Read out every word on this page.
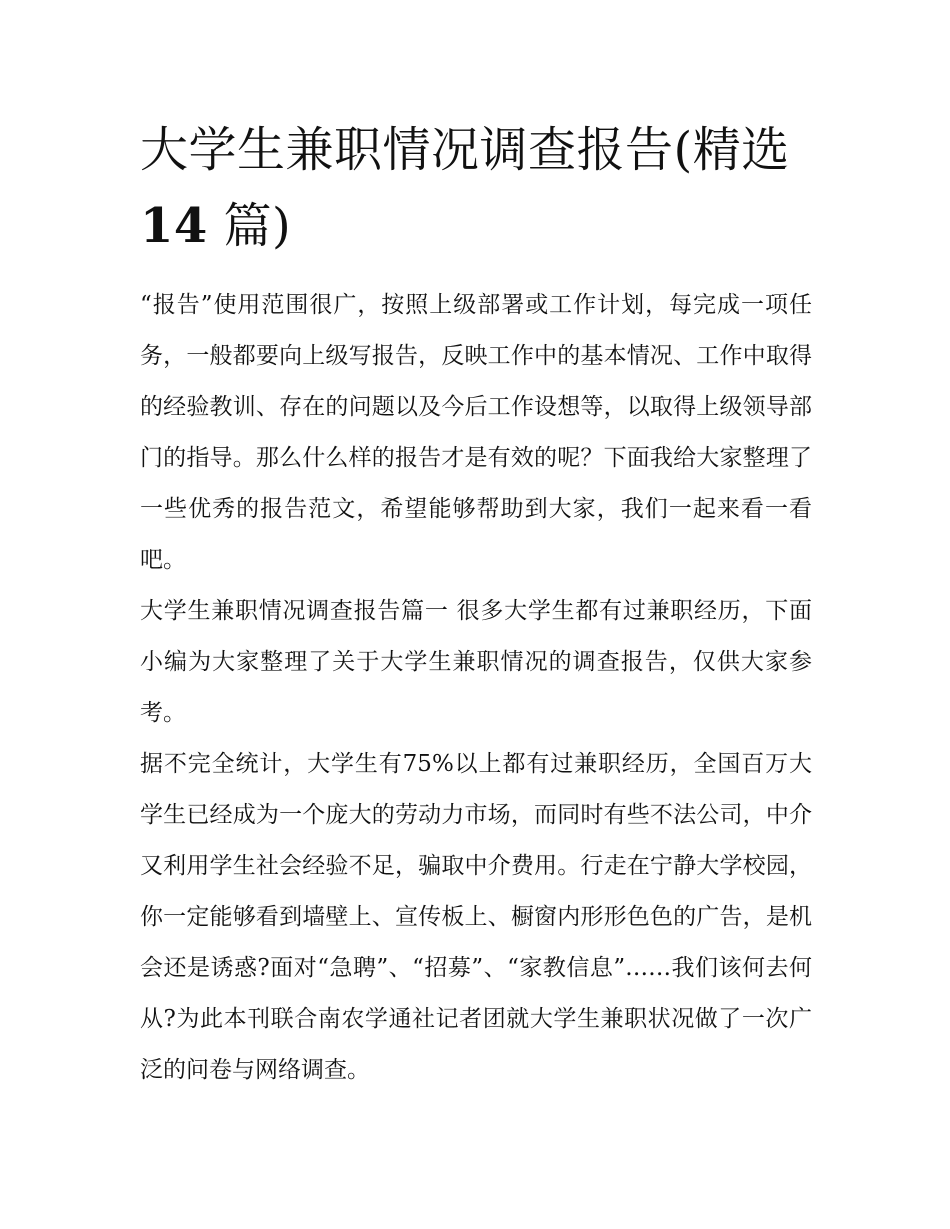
大学生兼职情况调查报告(精选
14 篇)

“报告”使用范围很广，按照上级部署或工作计划，每完成一项任务，一般都要向上级写报告，反映工作中的基本情况、工作中取得的经验教训、存在的问题以及今后工作设想等，以取得上级领导部门的指导。那么什么样的报告才是有效的呢？下面我给大家整理了一些优秀的报告范文，希望能够帮助到大家，我们一起来看一看吧。

大学生兼职情况调查报告篇一 很多大学生都有过兼职经历，下面小编为大家整理了关于大学生兼职情况的调查报告，仅供大家参考。

据不完全统计，大学生有75%以上都有过兼职经历，全国百万大学生已经成为一个庞大的劳动力市场，而同时有些不法公司，中介又利用学生社会经验不足，骗取中介费用。行走在宁静大学校园，你一定能够看到墙壁上、宣传板上、橱窗内形形色色的广告，是机会还是诱惑?面对“急聘”、“招募”、“家教信息”……我们该何去何从?为此本刊联合南农学通社记者团就大学生兼职状况做了一次广泛的问卷与网络调查。
